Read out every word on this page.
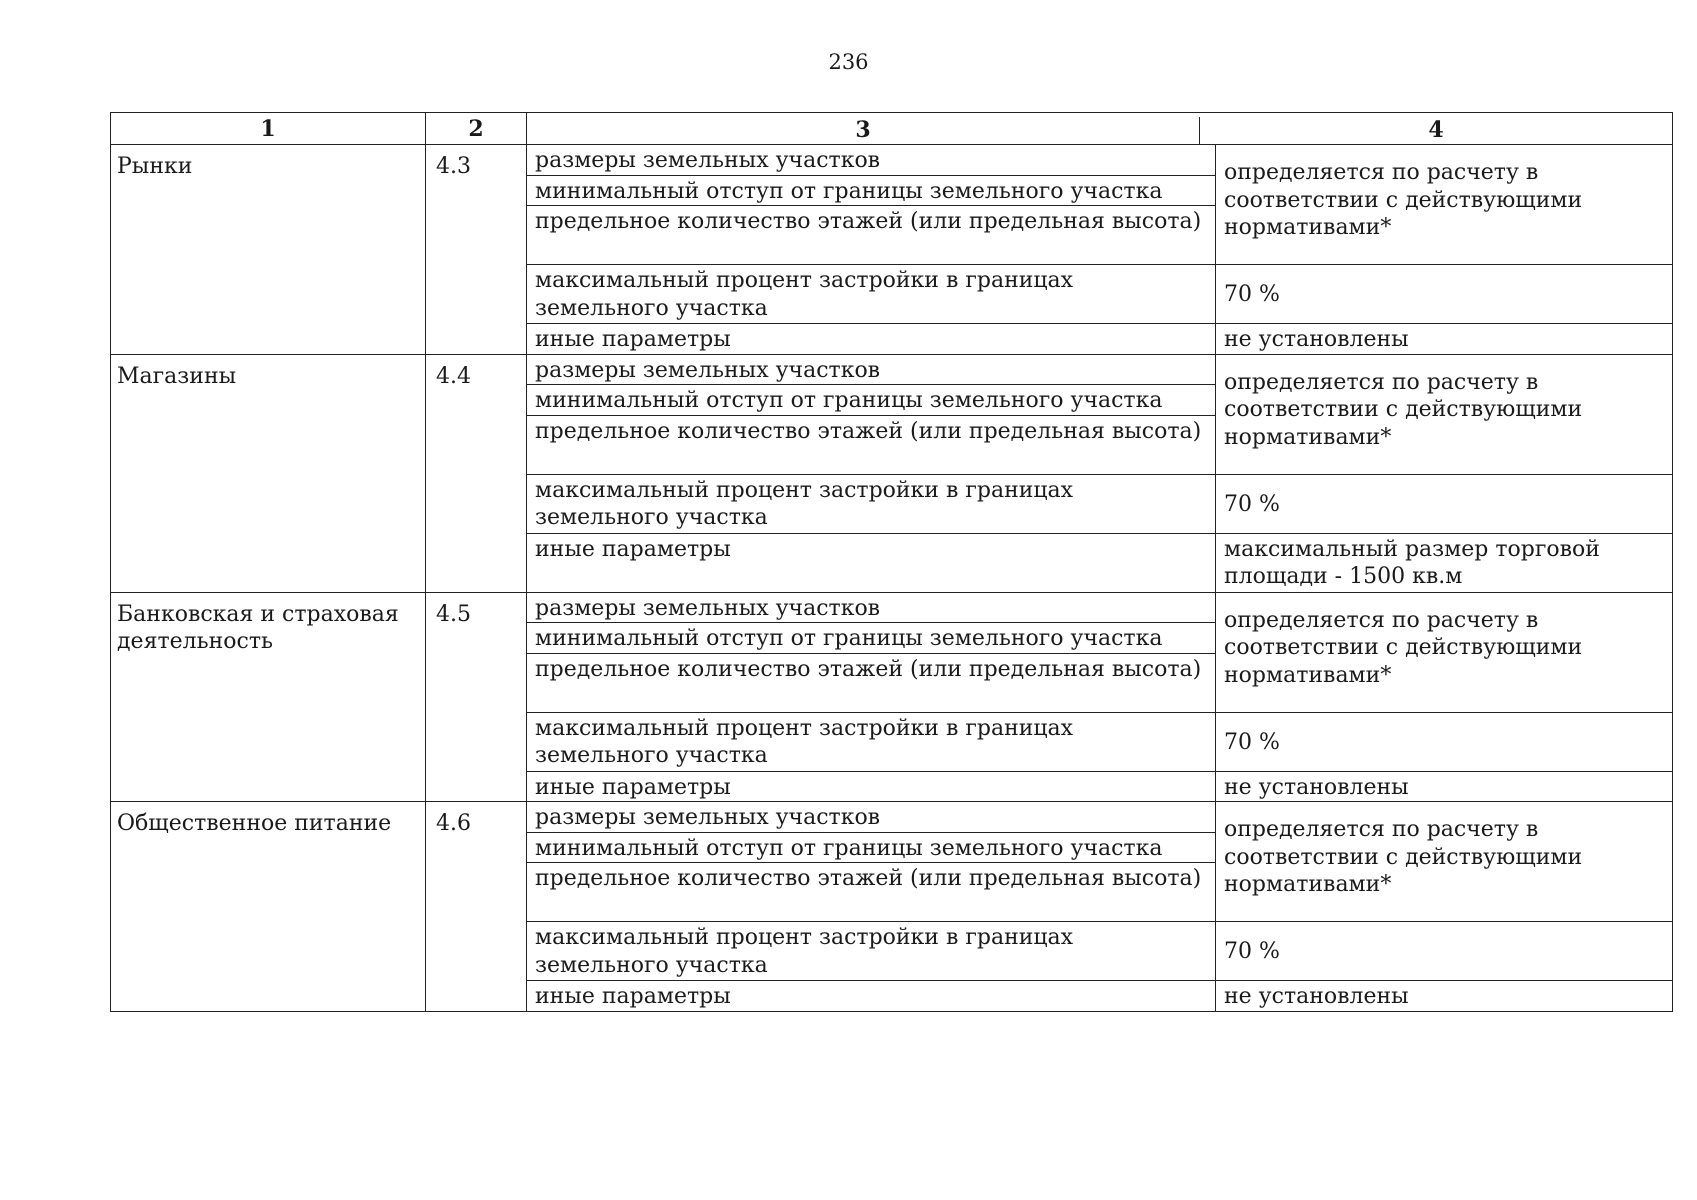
236
1	2		3	4

Рынки	4.3		размеры земельных участков	определяется по расчету в соответствии с действующими нормативами*
минимальный отступ от границы земельного участка
предельное количество этажей (или предельная высота)
максимальный процент застройки в границах земельного участка	70 %
иные параметры	не установлены

Магазины	4.4		размеры земельных участков	определяется по расчету в соответствии с действующими нормативами*
минимальный отступ от границы земельного участка
предельное количество этажей (или предельная высота)
максимальный процент застройки в границах земельного участка	70 %
иные параметры	максимальный размер торговой площади - 1500 кв.м

Банковская и страховая деятельность	4.5		размеры земельных участков	определяется по расчету в соответствии с действующими нормативами*
минимальный отступ от границы земельного участка
предельное количество этажей (или предельная высота)
максимальный процент застройки в границах земельного участка	70 %
иные параметры	не установлены

Общественное питание	4.6		размеры земельных участков	определяется по расчету в соответствии с действующими нормативами*
минимальный отступ от границы земельного участка
предельное количество этажей (или предельная высота)
максимальный процент застройки в границах земельного участка	70 %
иные параметры	не установлены
